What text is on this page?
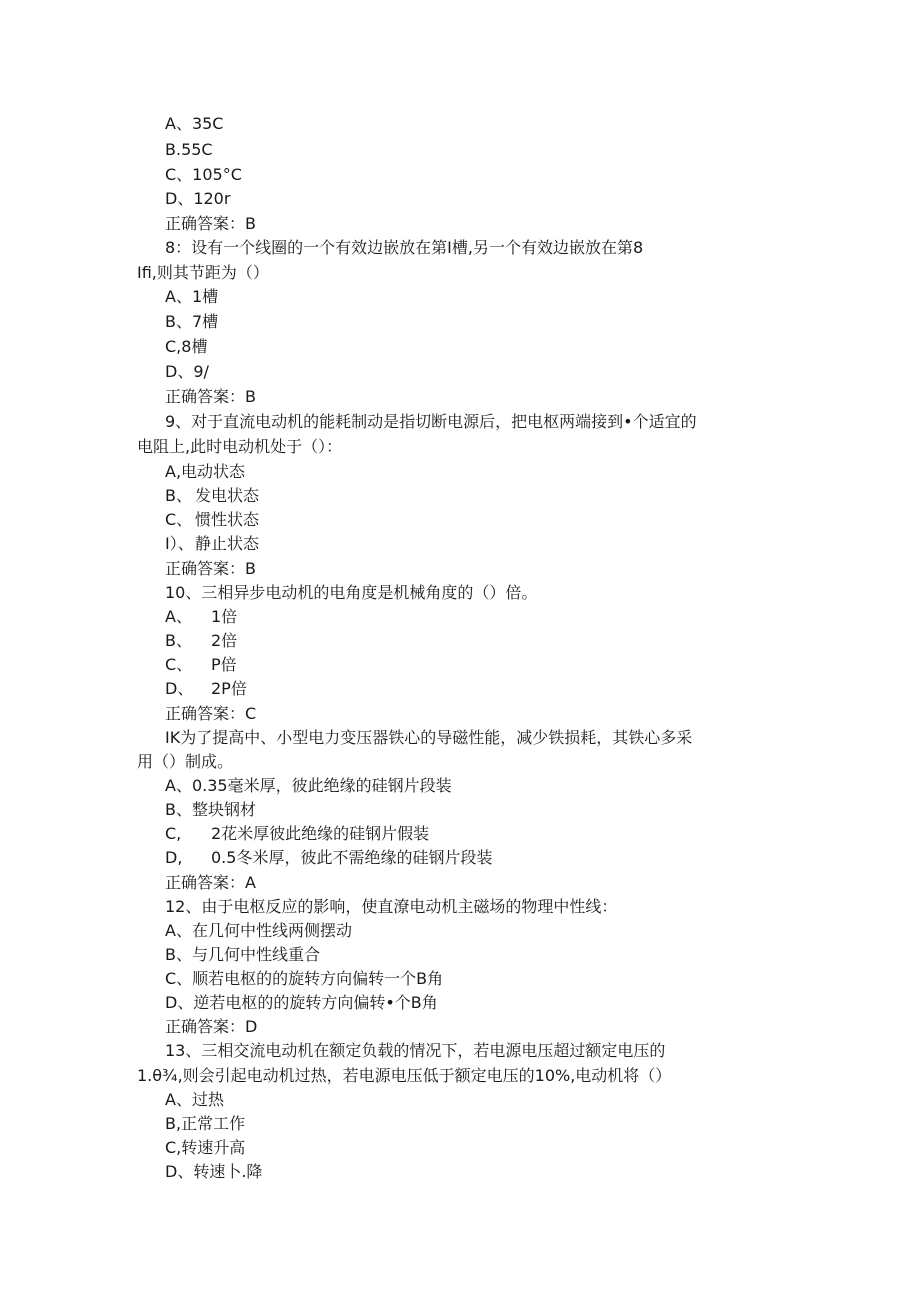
A、35C
B.55C
C、105°C
D、120r
正确答案：B
8：设有一个线圈的一个有效边嵌放在第I槽,另一个有效边嵌放在第8
Ifi,则其节距为（）
A、1槽
B、7槽
C,8槽
D、9/
正确答案：B
9、对于直流电动机的能耗制动是指切断电源后，把电枢两端接到•个适宜的
电阻上,此时电动机处于（）：
A,电动状态
B、 发电状态
C、 惯性状态
I）、静止状态
正确答案：B
10、三相异步电动机的电角度是机械角度的（）倍。
A、 1倍
B、 2倍
C、 P倍
D、 2P倍
正确答案：C
IK为了提高中、小型电力变压器铁心的导磁性能，减少铁损耗，其铁心多采
用（）制成。
A、0.35毫米厚，彼此绝缘的硅钢片段装
B、整块钢材
C, 2花米厚彼此绝缘的硅钢片假装
D, 0.5冬米厚，彼此不需绝缘的硅钢片段装
正确答案：A
12、由于电枢反应的影响，使直潦电动机主磁场的物理中性线：
A、在几何中性线两侧摆动
B、与几何中性线重合
C、顺若电枢的的旋转方向偏转一个B角
D、逆若电枢的的旋转方向偏转•个B角
正确答案：D
13、三相交流电动机在额定负载的情况下，若电源电压超过额定电压的
1.θ¾,则会引起电动机过热，若电源电压低于额定电压的10%,电动机将（）
A、过热
B,正常工作
C,转速升高
D、转速卜.降
